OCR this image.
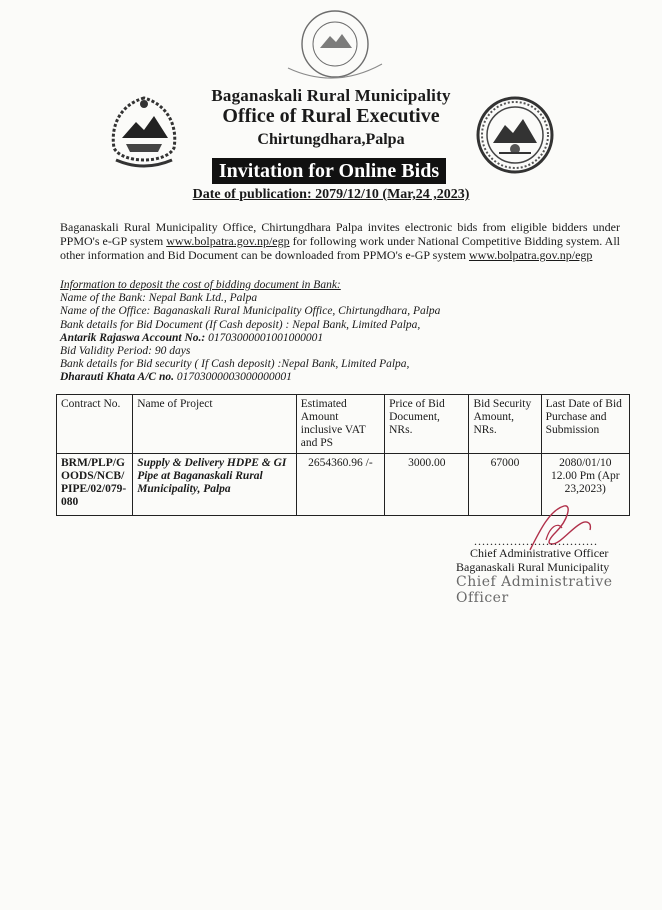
Baganaskali Rural Municipality
Office of Rural Executive
Chirtungdhara,Palpa
Invitation for Online Bids
Date of publication: 2079/12/10 (Mar,24 ,2023)
Baganaskali Rural Municipality Office, Chirtungdhara Palpa invites electronic bids from eligible bidders under PPMO's e-GP system www.bolpatra.gov.np/egp for following work under National Competitive Bidding system. All other information and Bid Document can be downloaded from PPMO's e-GP system www.bolpatra.gov.np/egp
Information to deposit the cost of bidding document in Bank:
Name of the Bank: Nepal Bank Ltd., Palpa
Name of the Office: Baganaskali Rural Municipality Office, Chirtungdhara, Palpa
Bank details for Bid Document (If Cash deposit) : Nepal Bank, Limited Palpa,
Antarik Rajaswa Account No.: 01703000001001000001
Bid Validity Period: 90 days
Bank details for Bid security ( If Cash deposit) :Nepal Bank, Limited Palpa,
Dharauti Khata A/C no. 01703000003000000001
Contract No.	Name of Project	Estimated Amount inclusive VAT and PS	Price of Bid Document, NRs.	Bid Security Amount, NRs.	Last Date of Bid Purchase and Submission
BRM/PLP/GOODS/NCB/PIPE/02/079-080	Supply & Delivery HDPE & GI Pipe at Baganaskali Rural Municipality, Palpa	2654360.96 /-	3000.00	67000	2080/01/10
12.00 Pm (Apr 23,2023)
...............................
Chief Administrative Officer
Baganaskali Rural Municipality
Chief Administrative Officer
